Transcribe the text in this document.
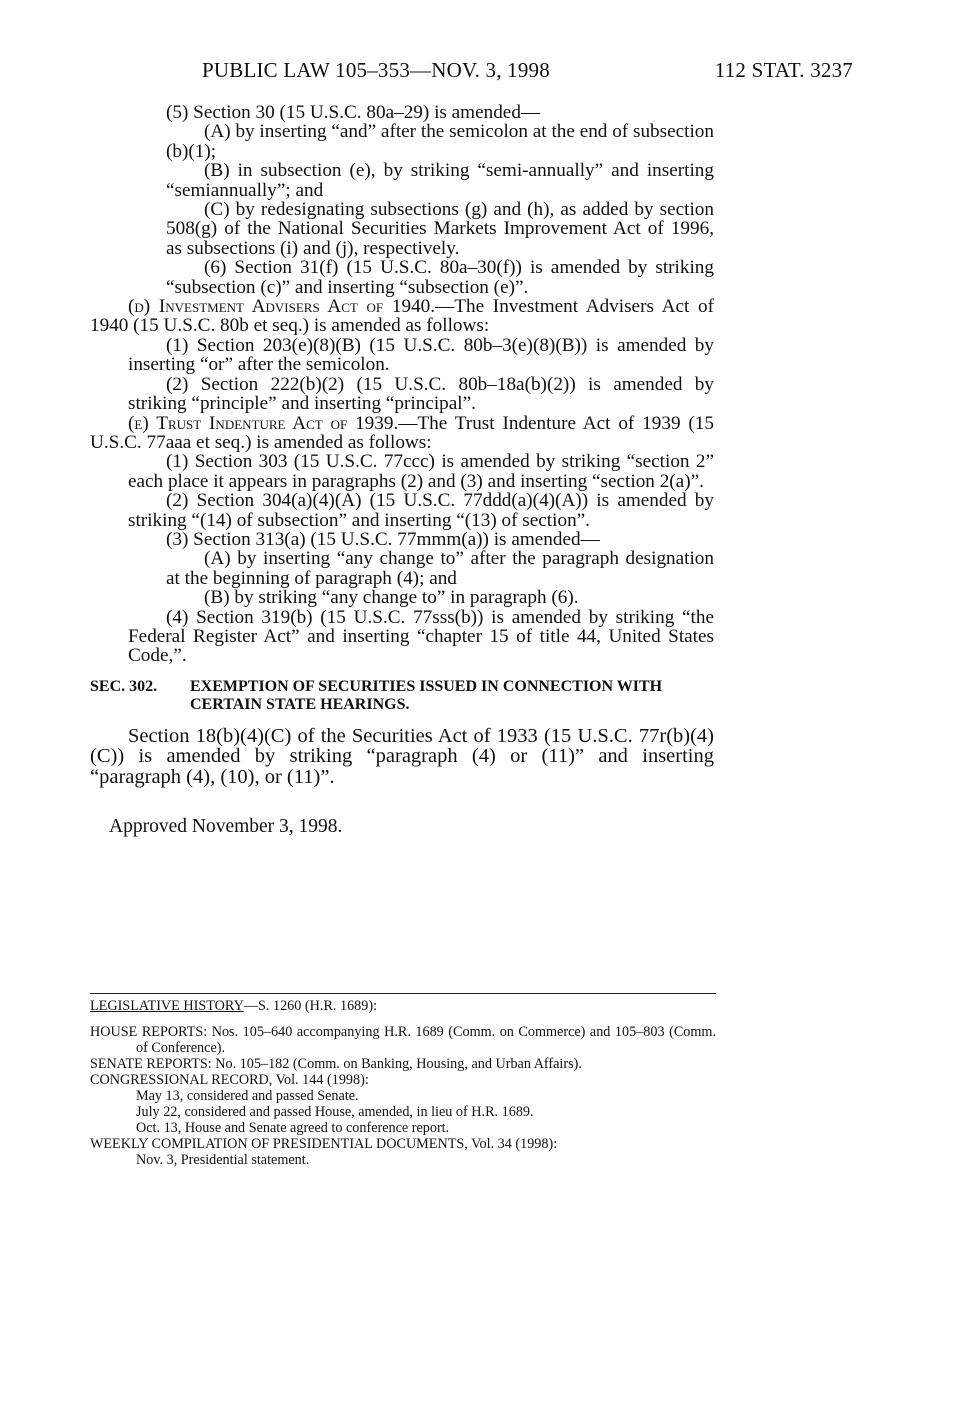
PUBLIC LAW 105–353—NOV. 3, 1998	112 STAT. 3237

(5) Section 30 (15 U.S.C. 80a–29) is amended—

(A) by inserting “and” after the semicolon at the end of subsection (b)(1);

(B) in subsection (e), by striking “semi-annually” and inserting “semiannually”; and

(C) by redesignating subsections (g) and (h), as added by section 508(g) of the National Securities Markets Improvement Act of 1996, as subsections (i) and (j), respectively.

(6) Section 31(f) (15 U.S.C. 80a–30(f)) is amended by striking “subsection (c)” and inserting “subsection (e)”.

(d) Investment Advisers Act of 1940.—The Investment Advisers Act of 1940 (15 U.S.C. 80b et seq.) is amended as follows:

(1) Section 203(e)(8)(B) (15 U.S.C. 80b–3(e)(8)(B)) is amended by inserting “or” after the semicolon.

(2) Section 222(b)(2) (15 U.S.C. 80b–18a(b)(2)) is amended by striking “principle” and inserting “principal”.

(e) Trust Indenture Act of 1939.—The Trust Indenture Act of 1939 (15 U.S.C. 77aaa et seq.) is amended as follows:

(1) Section 303 (15 U.S.C. 77ccc) is amended by striking “section 2” each place it appears in paragraphs (2) and (3) and inserting “section 2(a)”.

(2) Section 304(a)(4)(A) (15 U.S.C. 77ddd(a)(4)(A)) is amended by striking “(14) of subsection” and inserting “(13) of section”.

(3) Section 313(a) (15 U.S.C. 77mmm(a)) is amended—

(A) by inserting “any change to” after the paragraph designation at the beginning of paragraph (4); and

(B) by striking “any change to” in paragraph (6).

(4) Section 319(b) (15 U.S.C. 77sss(b)) is amended by striking “the Federal Register Act” and inserting “chapter 15 of title 44, United States Code,”.

SEC. 302. EXEMPTION OF SECURITIES ISSUED IN CONNECTION WITH CERTAIN STATE HEARINGS.

Section 18(b)(4)(C) of the Securities Act of 1933 (15 U.S.C. 77r(b)(4)(C)) is amended by striking “paragraph (4) or (11)” and inserting “paragraph (4), (10), or (11)”.

Approved November 3, 1998.

LEGISLATIVE HISTORY—S. 1260 (H.R. 1689):

HOUSE REPORTS: Nos. 105–640 accompanying H.R. 1689 (Comm. on Commerce) and 105–803 (Comm. of Conference).

SENATE REPORTS: No. 105–182 (Comm. on Banking, Housing, and Urban Affairs).

CONGRESSIONAL RECORD, Vol. 144 (1998):

May 13, considered and passed Senate.

July 22, considered and passed House, amended, in lieu of H.R. 1689.

Oct. 13, House and Senate agreed to conference report.

WEEKLY COMPILATION OF PRESIDENTIAL DOCUMENTS, Vol. 34 (1998):

Nov. 3, Presidential statement.
